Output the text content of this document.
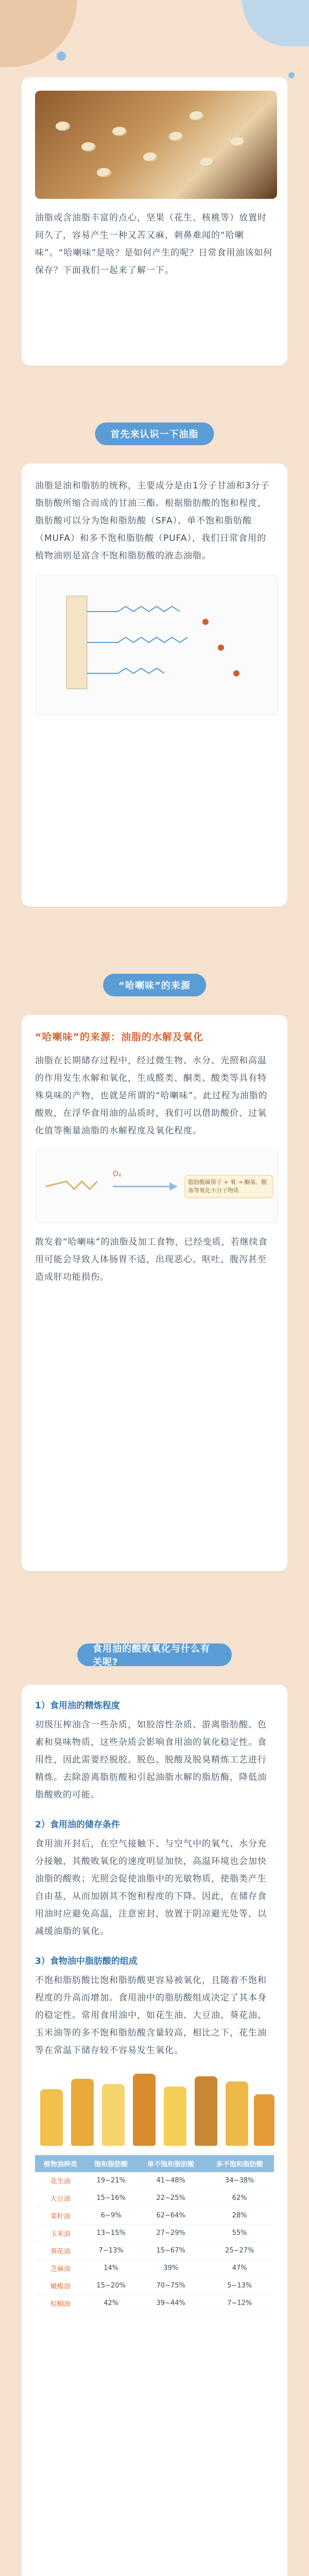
油脂或含油脂丰富的点心，坚果（花生、核桃等）放置时间久了，容易产生一种又苦又麻，刺鼻难闻的“哈喇味”。“哈喇味”是啥？是如何产生的呢？日常食用油该如何保存？下面我们一起来了解一下。

首先来认识一下油脂

油脂是油和脂肪的统称，主要成分是由1分子甘油和3分子脂肪酸所缩合而成的甘油三酯。根据脂肪酸的饱和程度，脂肪酸可以分为饱和脂肪酸（SFA）、单不饱和脂肪酸（MUFA）和多不饱和脂肪酸（PUFA），我们日常食用的植物油则是富含不饱和脂肪酸的液态油脂。

“哈喇味”的来源

“哈喇味”的来源：油脂的水解及氧化

油脂在长期储存过程中，经过微生物、水分、光照和高温的作用发生水解和氧化，生成醛类、酮类、酸类等具有特殊臭味的产物，也就是所谓的“哈喇味”。此过程为油脂的酸败，在浮华食用油的品质时，我们可以借助酸价、过氧化值等衡量油脂的水解程度及氧化程度。

O₂
脂肪酸碳原子 + 氧 → 酮基、酸基等氧化小分子物质

散发着“哈喇味”的油脂及加工食物，已经变质，若继续食用可能会导致人体肠胃不适，出现恶心、呕吐、腹泻甚至造成肝功能损伤。

食用油的酸败氧化与什么有关呢?

1）食用油的精炼程度

初级压榨油含一些杂质，如胶溶性杂质、游离脂肪酸、色素和臭味物质，这些杂质会影响食用油的氧化稳定性。食用性，因此需要经脱胶、脱色、脱酸及脱臭精炼工艺进行精炼。去除游离脂肪酸和引起油脂水解的脂肪酶，降低油脂酸败的可能。

2）食用油的储存条件

食用油开封后，在空气接触下、与空气中的氧气、水分充分接触，其酸败氧化的速度明显加快，高温环境也会加快油脂的酸败；光照会促使油脂中的光敏物质，使脂类产生自由基，从而加剧其不饱和程度的下降。因此，在储存食用油时应避免高温，注意密封、放置于阴凉避光处等，以减缓油脂的氧化。

3）食物油中脂肪酸的组成

不饱和脂肪酸比饱和脂肪酸更容易被氧化，且随着不饱和程度的升高而增加。食用油中的脂肪酸组成决定了其本身的稳定性。常用食用油中，如花生油、大豆油、葵花油、玉米油等的多不饱和脂肪酸含量较高，相比之下，花生油等在常温下储存较不容易发生氧化。

植物油种类	饱和脂肪酸	单不饱和脂肪酸	多不饱和脂肪酸
花生油	19~21%	41~48%	34~38%
大豆油	15~16%	22~25%	62%
菜籽油	6~9%	62~64%	28%
玉米油	13~15%	27~29%	55%
葵花油	7~13%	15~67%	25~27%
芝麻油	14%	39%	47%
橄榄油	15~20%	70~75%	5~13%
棕榈油	42%	39~44%	7~12%
